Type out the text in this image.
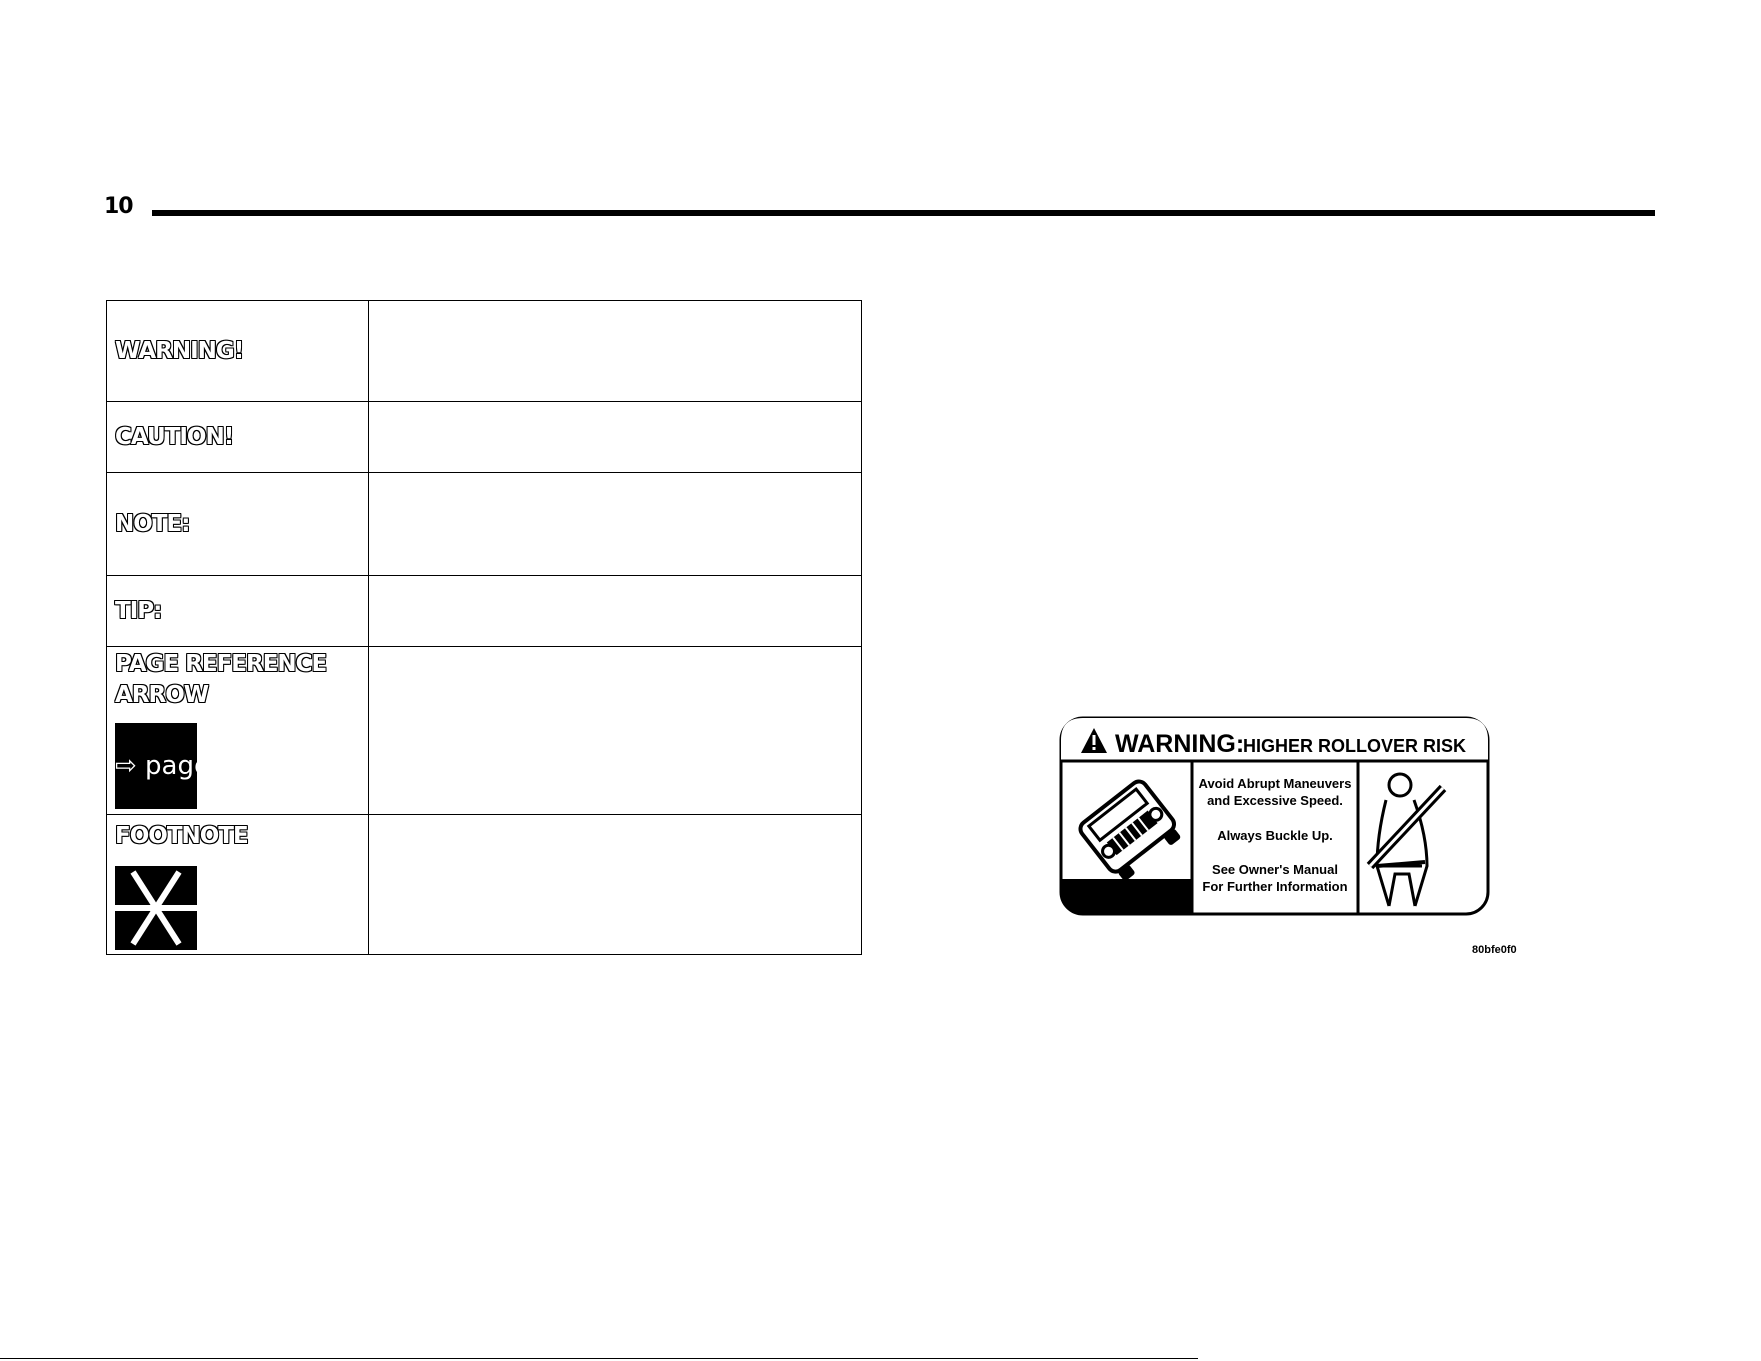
10
WARNING!	

CAUTION!	

NOTE:	

TIP:	

PAGE REFERENCE ARROW
⇨ page	

FOOTNOTE	

WARNING:
HIGHER ROLLOVER RISK
Avoid Abrupt Maneuvers
and Excessive Speed.
Always Buckle Up.
See Owner's Manual
For Further Information
80bfe0f0
